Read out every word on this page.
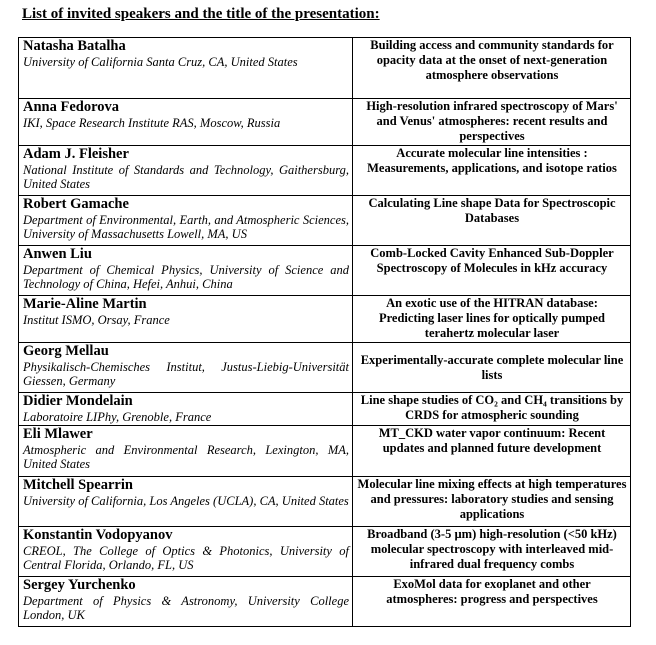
List of invited speakers and the title of the presentation:
Natasha Batalha
University of California Santa Cruz, CA, United States	Building access and community standards for opacity data at the onset of next-generation atmosphere observations

Anna Fedorova
IKI, Space Research Institute RAS, Moscow, Russia	High-resolution infrared spectroscopy of Mars' and Venus' atmospheres: recent results and perspectives

Adam J. Fleisher
National Institute of Standards and Technology, Gaithersburg, United States	Accurate molecular line intensities : Measurements, applications, and isotope ratios

Robert Gamache
Department of Environmental, Earth, and Atmospheric Sciences, University of Massachusetts Lowell, MA, US	Calculating Line shape Data for Spectroscopic Databases

Anwen Liu
Department of Chemical Physics, University of Science and Technology of China, Hefei, Anhui, China	Comb-Locked Cavity Enhanced Sub-Doppler Spectroscopy of Molecules in kHz accuracy

Marie-Aline Martin
Institut ISMO, Orsay, France	An exotic use of the HITRAN database: Predicting laser lines for optically pumped terahertz molecular laser

Georg Mellau
Physikalisch-Chemisches Institut, Justus-Liebig-Universität Giessen, Germany	Experimentally-accurate complete molecular line lists

Didier Mondelain
Laboratoire LIPhy, Grenoble, France	Line shape studies of CO₂ and CH₄ transitions by CRDS for atmospheric sounding

Eli Mlawer
Atmospheric and Environmental Research, Lexington, MA, United States	MT_CKD water vapor continuum: Recent updates and planned future development

Mitchell Spearrin
University of California, Los Angeles (UCLA), CA, United States	Molecular line mixing effects at high temperatures and pressures: laboratory studies and sensing applications

Konstantin Vodopyanov
CREOL, The College of Optics & Photonics, University of Central Florida, Orlando, FL, US	Broadband (3-5 µm) high-resolution (<50 kHz) molecular spectroscopy with interleaved mid-infrared dual frequency combs

Sergey Yurchenko
Department of Physics & Astronomy, University College London, UK	ExoMol data for exoplanet and other atmospheres: progress and perspectives
